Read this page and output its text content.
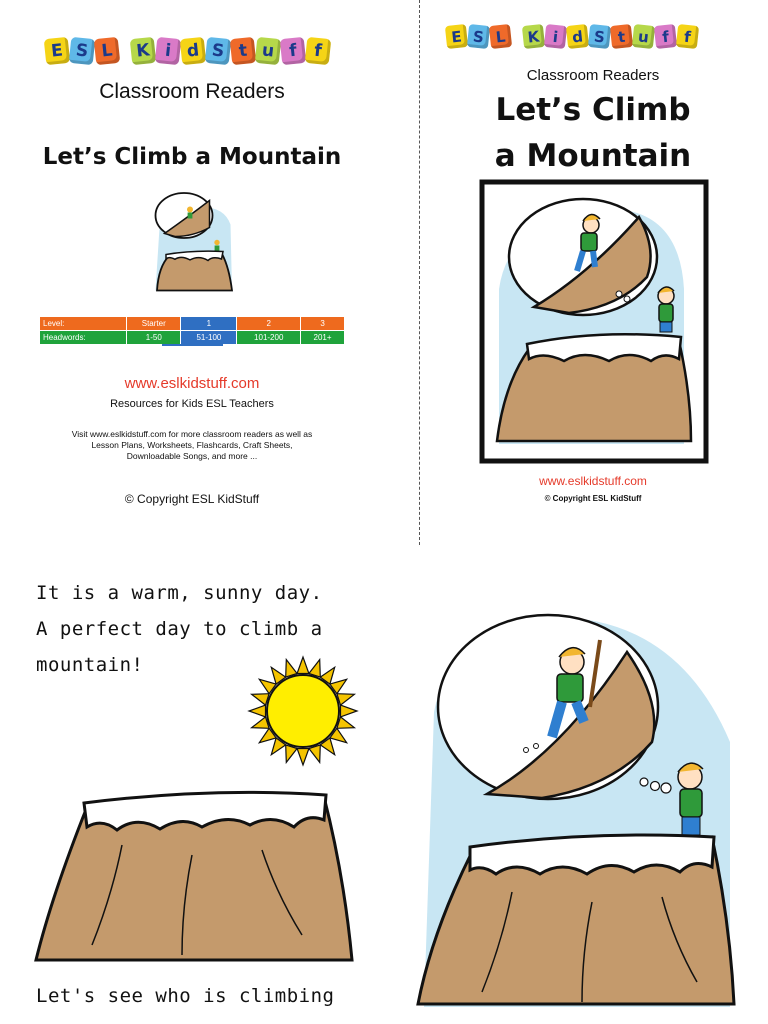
E S L	K i d S t u f f
Classroom Readers
Let’s Climb a Mountain
Level:	Starter	1	2	3
Headwords:	1-50	51-100	101-200	201+
www.eslkidstuff.com
Resources for Kids ESL Teachers
Visit www.eslkidstuff.com for more classroom readers as well as
Lesson Plans, Worksheets, Flashcards, Craft Sheets,
Downloadable Songs, and more ...
© Copyright ESL KidStuff
E S L	K i d S t u f f
Classroom Readers
Let’s Climb
a Mountain
www.eslkidstuff.com
© Copyright ESL KidStuff
It is a warm, sunny day.
A perfect day to climb a
mountain!
Let's see who is climbing
